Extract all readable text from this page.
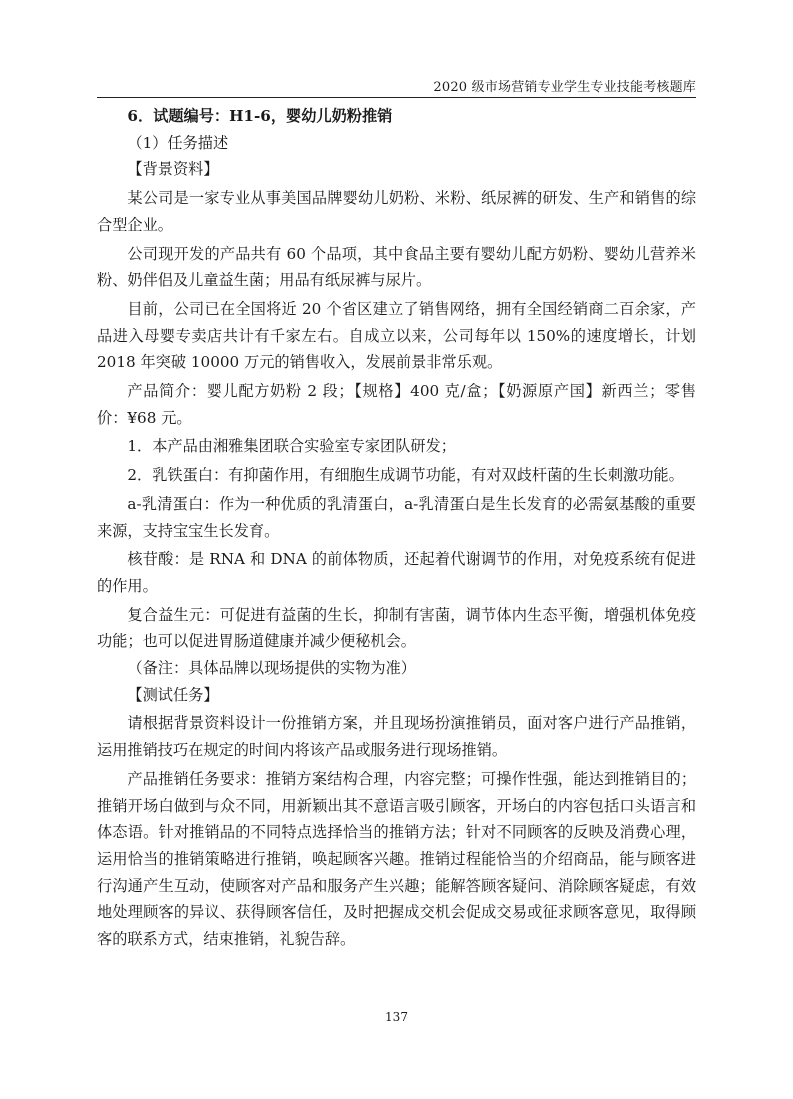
2020 级市场营销专业学生专业技能考核题库

6．试题编号：H1-6，婴幼儿奶粉推销

（1）任务描述

【背景资料】

某公司是一家专业从事美国品牌婴幼儿奶粉、米粉、纸尿裤的研发、生产和销售的综合型企业。

公司现开发的产品共有 60 个品项，其中食品主要有婴幼儿配方奶粉、婴幼儿营养米粉、奶伴侣及儿童益生菌；用品有纸尿裤与尿片。

目前，公司已在全国将近 20 个省区建立了销售网络，拥有全国经销商二百余家，产品进入母婴专卖店共计有千家左右。自成立以来，公司每年以 150%的速度增长，计划 2018 年突破 10000 万元的销售收入，发展前景非常乐观。

产品简介：婴儿配方奶粉 2 段；【规格】400 克/盒；【奶源原产国】新西兰；零售价：¥68 元。

1．本产品由湘雅集团联合实验室专家团队研发；

2．乳铁蛋白：有抑菌作用，有细胞生成调节功能，有对双歧杆菌的生长刺激功能。

a-乳清蛋白：作为一种优质的乳清蛋白，a-乳清蛋白是生长发育的必需氨基酸的重要来源，支持宝宝生长发育。

核苷酸：是 RNA 和 DNA 的前体物质，还起着代谢调节的作用，对免疫系统有促进的作用。

复合益生元：可促进有益菌的生长，抑制有害菌，调节体内生态平衡，增强机体免疫功能；也可以促进胃肠道健康并减少便秘机会。

（备注：具体品牌以现场提供的实物为准）

【测试任务】

请根据背景资料设计一份推销方案，并且现场扮演推销员，面对客户进行产品推销，运用推销技巧在规定的时间内将该产品或服务进行现场推销。

产品推销任务要求：推销方案结构合理，内容完整；可操作性强，能达到推销目的；推销开场白做到与众不同，用新颖出其不意语言吸引顾客，开场白的内容包括口头语言和体态语。针对推销品的不同特点选择恰当的推销方法；针对不同顾客的反映及消费心理，运用恰当的推销策略进行推销，唤起顾客兴趣。推销过程能恰当的介绍商品，能与顾客进行沟通产生互动，使顾客对产品和服务产生兴趣；能解答顾客疑问、消除顾客疑虑，有效地处理顾客的异议、获得顾客信任，及时把握成交机会促成交易或征求顾客意见，取得顾客的联系方式，结束推销，礼貌告辞。

137
